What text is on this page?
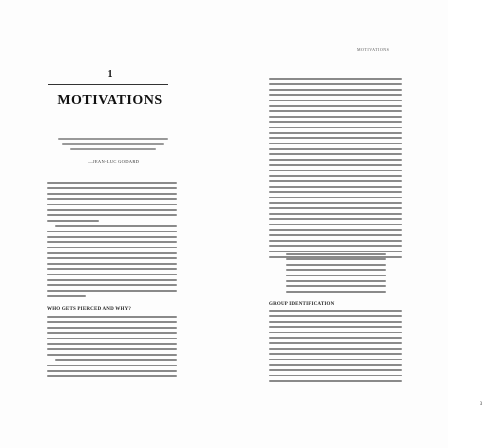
1
MOTIVATIONS
—JEAN-LUC GODARD
WHO GETS PIERCED AND WHY?
MOTIVATIONS
GROUP IDENTIFICATION
3
